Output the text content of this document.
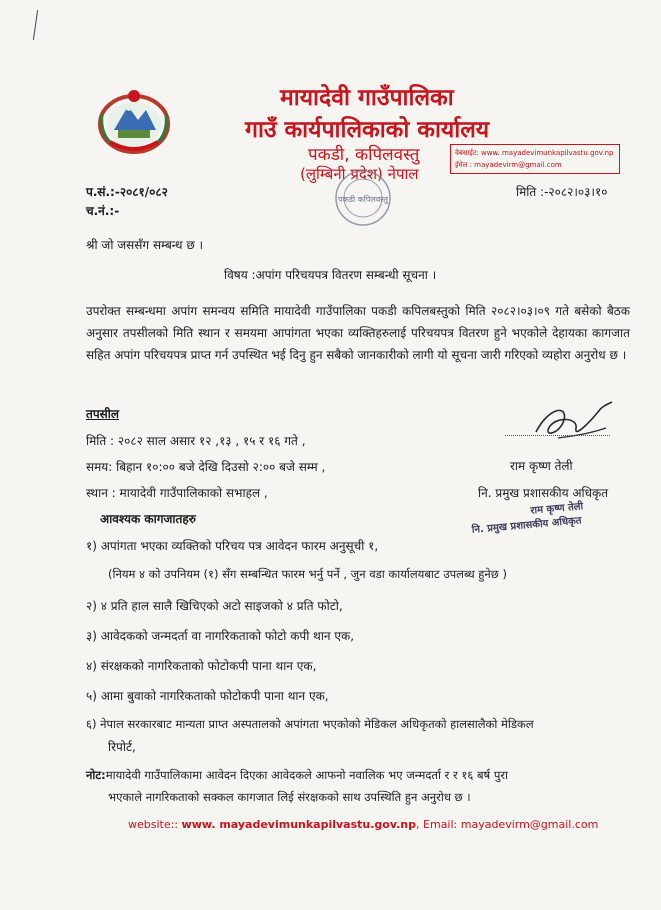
मायादेवी गाउँपालिका
गाउँ कार्यपालिकाको कार्यालय
पकडी, कपिलवस्तु
(लुम्बिनी प्रदेश) नेपाल
वेबसाईट: www. mayadevimunkapilvastu.gov.np
ईमेल : mayadevirm@gmail.com
पकडी कपिलवस्तु
प.सं.:-२०८१/०८२
च.नं.:-
मिति :-२०८२।०३।१०
श्री जो जससँग सम्बन्ध छ ।
विषय :अपांग परिचयपत्र वितरण सम्बन्धी सूचना ।
उपरोक्त सम्बन्धमा अपांग समन्वय समिति मायादेवी गाउँपालिका पकडी कपिलबस्तुको मिति २०८२।०३।०९ गते बसेको बैठक अनुसार तपसीलको मिति स्थान र समयमा आपांगता भएका व्यक्तिहरुलाई परिचयपत्र वितरण हुने भएकोले देहायका कागजात सहित अपांग परिचयपत्र प्राप्त गर्न उपस्थित भई दिनु हुन सबैको जानकारीको लागी यो सूचना जारी गरिएको व्यहोरा अनुरोध छ ।
तपसील
मिति : २०८२ साल असार १२ ,१३ , १५ र १६ गते ,
समय: बिहान १०:०० बजे देखि दिउसो २:०० बजे सम्म ,
स्थान : मायादेवी गाउँपालिकाको सभाहल ,
राम कृष्ण तेली
नि. प्रमुख प्रशासकीय अधिकृत
राम कृष्ण तेली
नि. प्रमुख प्रशासकीय अधिकृत
आवश्यक कागजातहरु
१) अपांगता भएका व्यक्तिको परिचय पत्र आवेदन फारम अनुसूची १,
(नियम ४ को उपनियम (१) सँग सम्बन्धित फारम भर्नु पर्ने , जुन वडा कार्यालयबाट उपलब्ध हुनेछ )
२) ४ प्रति हाल सालै खिचिएको अटो साइजको ४ प्रति फोटो,
३) आवेदकको जन्मदर्ता वा नागरिकताको फोटो कपी थान एक,
४) संरक्षकको नागरिकताको फोटोकपी पाना थान एक,
५) आमा बुवाको नागरिकताको फोटोकपी पाना थान एक,
६) नेपाल सरकारबाट मान्यता प्राप्त अस्पतालको अपांगता भएकोको मेडिकल अधिकृतको हालसालैको मेडिकल
रिपोर्ट,
नोट:मायादेवी गाउँपालिकामा आवेदन दिएका आवेदकले आफनो नवालिक भए जन्मदर्ता र र १६ बर्ष पुरा
भएकाले नागरिकताको सक्कल कागजात लिई संरक्षकको साथ उपस्थिति हुन अनुरोध छ ।
website:: www. mayadevimunkapilvastu.gov.np, Email: mayadevirm@gmail.com
